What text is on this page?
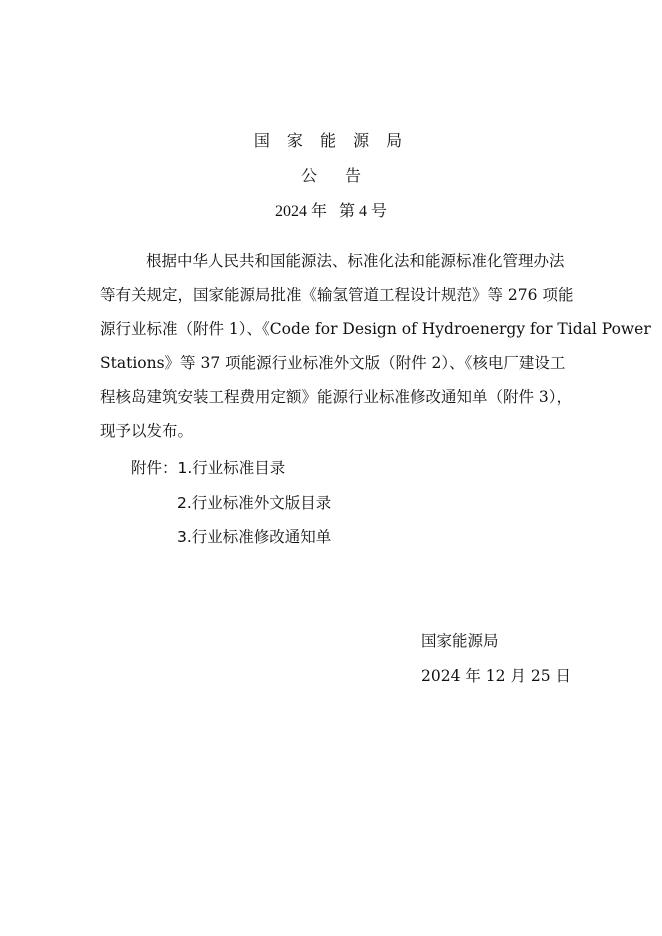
国 家 能 源 局
公告
2024 年 第 4 号
根据中华人民共和国能源法、标准化法和能源标准化管理办法
等有关规定，国家能源局批准《输氢管道工程设计规范》等 276 项能
源行业标准（附件 1）、《Code for Design of Hydroenergy for Tidal Power
Stations》等 37 项能源行业标准外文版（附件 2）、《核电厂建设工
程核岛建筑安装工程费用定额》能源行业标准修改通知单（附件 3），
现予以发布。
附件：1.行业标准目录
2.行业标准外文版目录
3.行业标准修改通知单
国家能源局
2024 年 12 月 25 日
